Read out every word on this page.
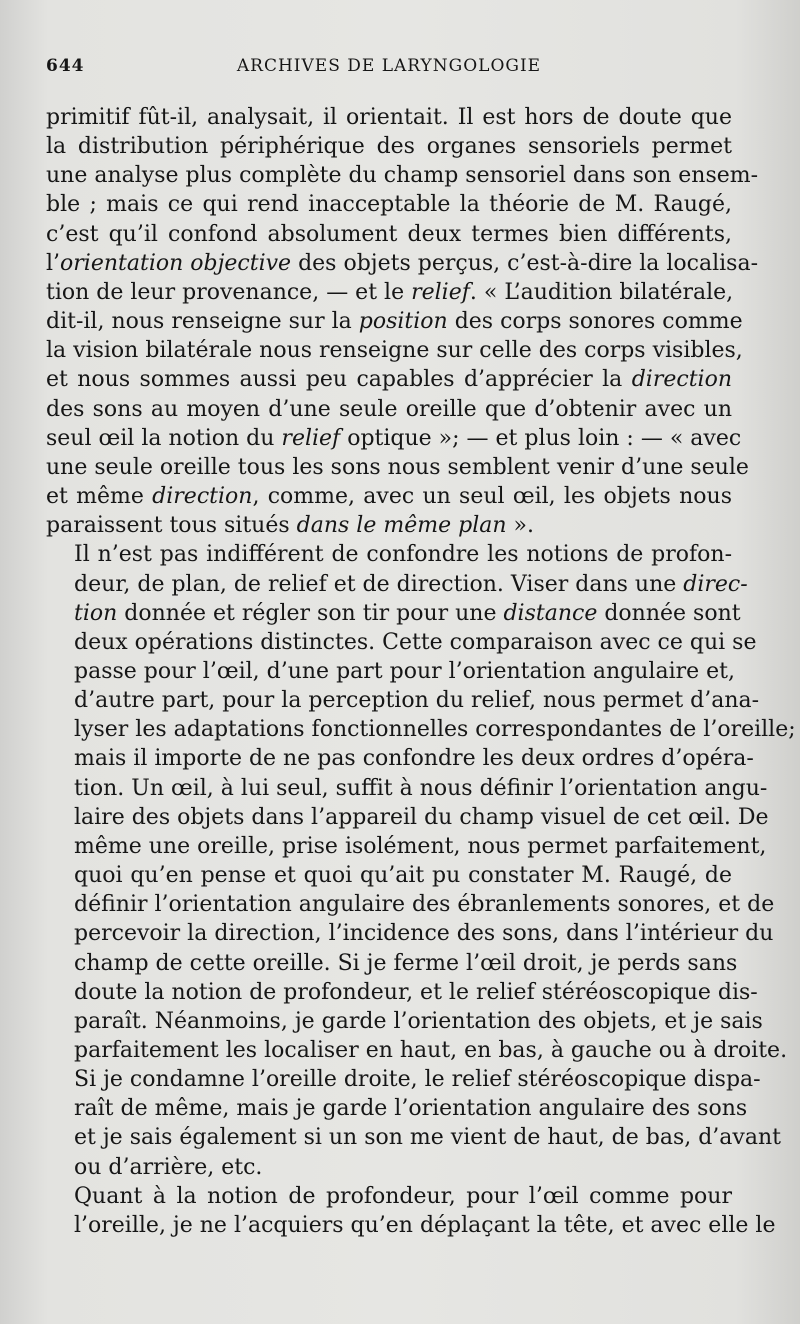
644	ARCHIVES DE LARYNGOLOGIE

primitif fût-il, analysait, il orientait. Il est hors de doute que
la distribution périphérique des organes sensoriels permet
une analyse plus complète du champ sensoriel dans son ensem-
ble ; mais ce qui rend inacceptable la théorie de M. Raugé,
c’est qu’il confond absolument deux termes bien différents,
l’orientation objective des objets perçus, c’est-à-dire la localisa-
tion de leur provenance, — et le relief. « L’audition bilatérale,
dit-il, nous renseigne sur la position des corps sonores comme
la vision bilatérale nous renseigne sur celle des corps visibles,
et nous sommes aussi peu capables d’apprécier la direction
des sons au moyen d’une seule oreille que d’obtenir avec un
seul œil la notion du relief optique »; — et plus loin : — « avec
une seule oreille tous les sons nous semblent venir d’une seule
et même direction, comme, avec un seul œil, les objets nous
paraissent tous situés dans le même plan ».

Il n’est pas indifférent de confondre les notions de profon-
deur, de plan, de relief et de direction. Viser dans une direc-
tion donnée et régler son tir pour une distance donnée sont
deux opérations distinctes. Cette comparaison avec ce qui se
passe pour l’œil, d’une part pour l’orientation angulaire et,
d’autre part, pour la perception du relief, nous permet d’ana-
lyser les adaptations fonctionnelles correspondantes de l’oreille;
mais il importe de ne pas confondre les deux ordres d’opéra-
tion. Un œil, à lui seul, suffit à nous définir l’orientation angu-
laire des objets dans l’appareil du champ visuel de cet œil. De
même une oreille, prise isolément, nous permet parfaitement,
quoi qu’en pense et quoi qu’ait pu constater M. Raugé, de
définir l’orientation angulaire des ébranlements sonores, et de
percevoir la direction, l’incidence des sons, dans l’intérieur du
champ de cette oreille. Si je ferme l’œil droit, je perds sans
doute la notion de profondeur, et le relief stéréoscopique dis-
paraît. Néanmoins, je garde l’orientation des objets, et je sais
parfaitement les localiser en haut, en bas, à gauche ou à droite.
Si je condamne l’oreille droite, le relief stéréoscopique dispa-
raît de même, mais je garde l’orientation angulaire des sons
et je sais également si un son me vient de haut, de bas, d’avant
ou d’arrière, etc.

Quant à la notion de profondeur, pour l’œil comme pour
l’oreille, je ne l’acquiers qu’en déplaçant la tête, et avec elle le
